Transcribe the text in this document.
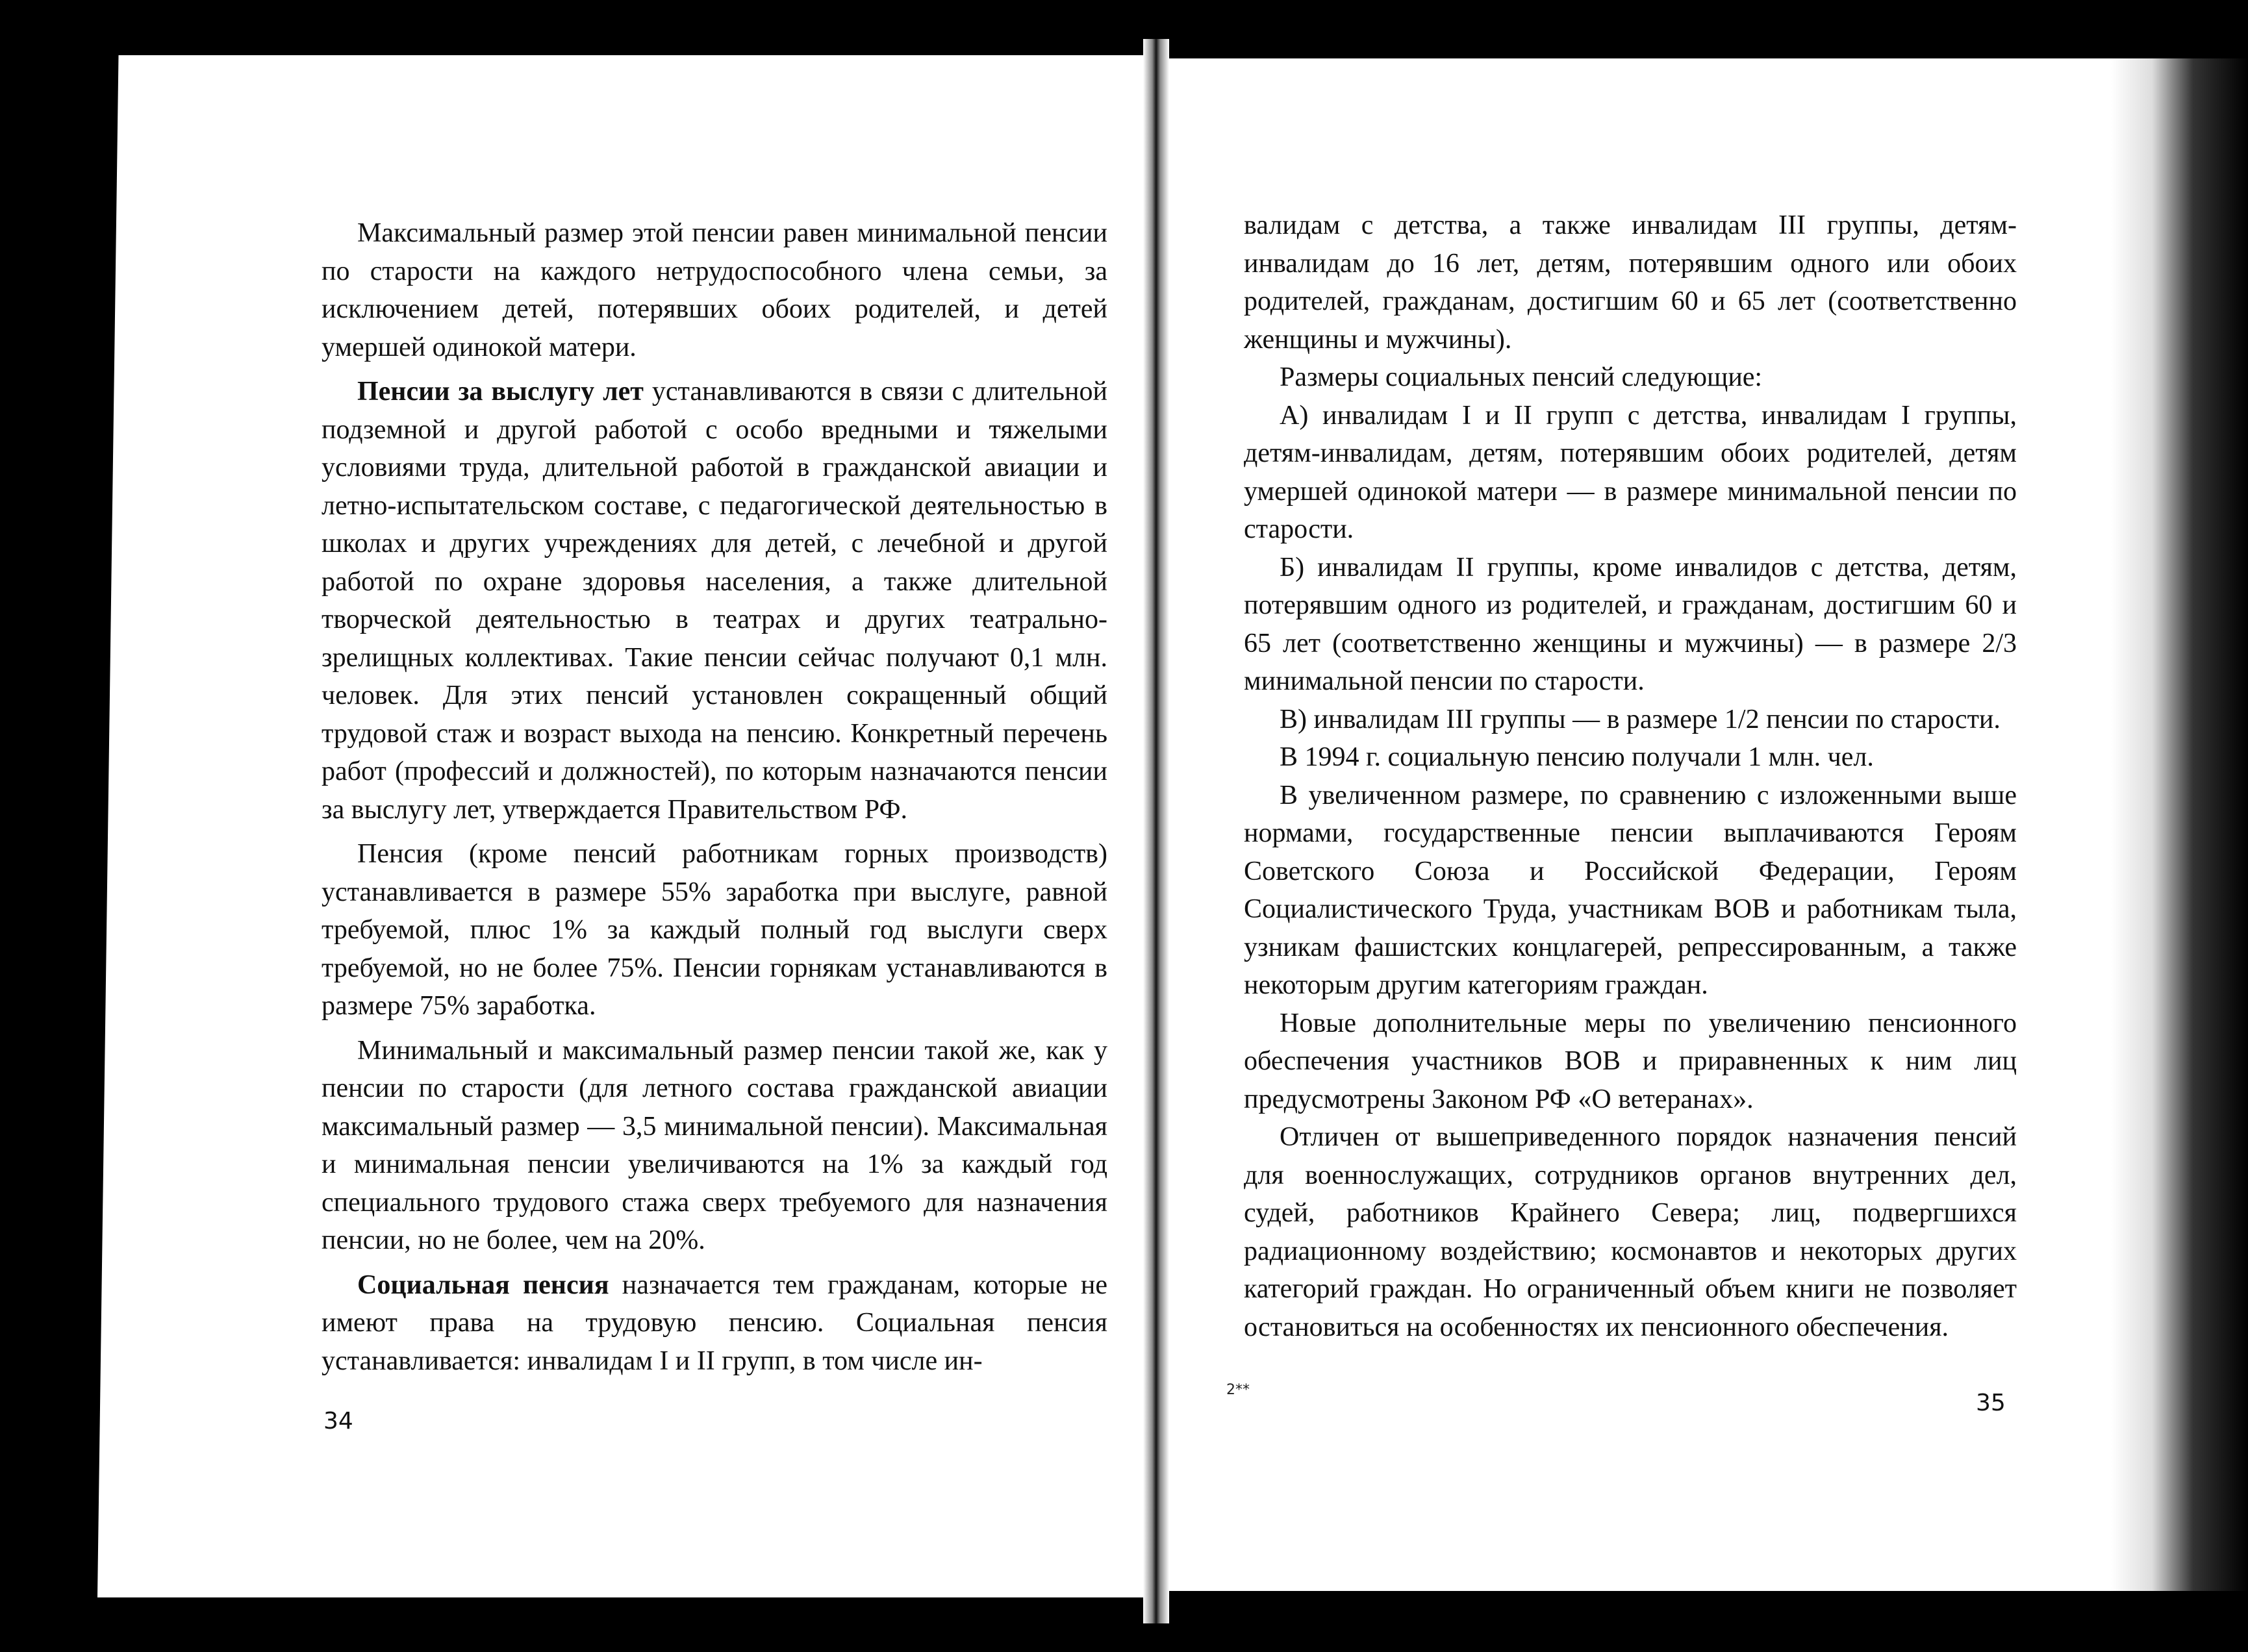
Максимальный размер этой пенсии равен минимальной пенсии по старости на каждого нетрудоспособного члена семьи, за исключением детей, потерявших обоих родителей, и детей умершей одинокой матери.

Пенсии за выслугу лет устанавливаются в связи с длительной подземной и другой работой с особо вредными и тяжелыми условиями труда, длительной работой в гражданской авиации и летно-испытательском составе, с педагогической деятельностью в школах и других учреждениях для детей, с лечебной и другой работой по охране здоровья населения, а также длительной творческой деятельностью в театрах и других театрально-зрелищных коллективах. Такие пенсии сейчас получают 0,1 млн. человек. Для этих пенсий установлен сокращенный общий трудовой стаж и возраст выхода на пенсию. Конкретный перечень работ (профессий и должностей), по которым назначаются пенсии за выслугу лет, утверждается Правительством РФ.

Пенсия (кроме пенсий работникам горных производств) устанавливается в размере 55% заработка при выслуге, равной требуемой, плюс 1% за каждый полный год выслуги сверх требуемой, но не более 75%. Пенсии горнякам устанавливаются в размере 75% заработка.

Минимальный и максимальный размер пенсии такой же, как у пенсии по старости (для летного состава гражданской авиации максимальный размер — 3,5 минимальной пенсии). Максимальная и минимальная пенсии увеличиваются на 1% за каждый год специального трудового стажа сверх требуемого для назначения пенсии, но не более, чем на 20%.

Социальная пенсия назначается тем гражданам, которые не имеют права на трудовую пенсию. Социальная пенсия устанавливается: инвалидам I и II групп, в том числе ин-

34

валидам с детства, а также инвалидам III группы, детям-инвалидам до 16 лет, детям, потерявшим одного или обоих родителей, гражданам, достигшим 60 и 65 лет (соответственно женщины и мужчины).

Размеры социальных пенсий следующие:

А) инвалидам I и II групп с детства, инвалидам I группы, детям-инвалидам, детям, потерявшим обоих родителей, детям умершей одинокой матери — в размере минимальной пенсии по старости.

Б) инвалидам II группы, кроме инвалидов с детства, детям, потерявшим одного из родителей, и гражданам, достигшим 60 и 65 лет (соответственно женщины и мужчины) — в размере 2/3 минимальной пенсии по старости.

В) инвалидам III группы — в размере 1/2 пенсии по старости.

В 1994 г. социальную пенсию получали 1 млн. чел.

В увеличенном размере, по сравнению с изложенными выше нормами, государственные пенсии выплачиваются Героям Советского Союза и Российской Федерации, Героям Социалистического Труда, участникам ВОВ и работникам тыла, узникам фашистских концлагерей, репрессированным, а также некоторым другим категориям граждан.

Новые дополнительные меры по увеличению пенсионного обеспечения участников ВОВ и приравненных к ним лиц предусмотрены Законом РФ «О ветеранах».

Отличен от вышеприведенного порядок назначения пенсий для военнослужащих, сотрудников органов внутренних дел, судей, работников Крайнего Севера; лиц, подвергшихся радиационному воздействию; космонавтов и некоторых других категорий граждан. Но ограниченный объем книги не позволяет остановиться на особенностях их пенсионного обеспечения.

2**	35
